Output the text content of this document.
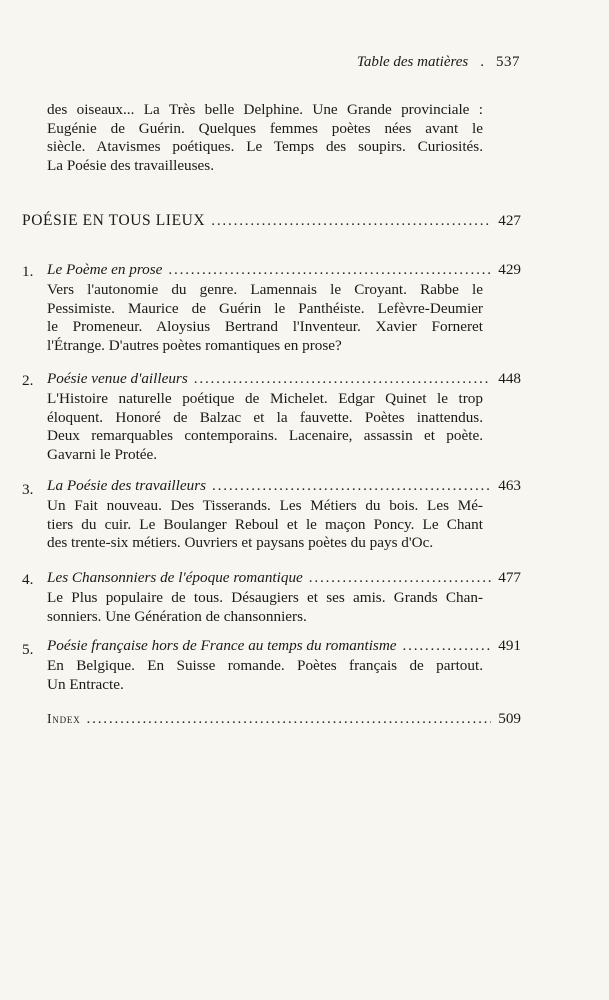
Table des matières . 537
des oiseaux... La Très belle Delphine. Une Grande provinciale :
Eugénie de Guérin. Quelques femmes poètes nées avant le
siècle. Atavismes poétiques. Le Temps des soupirs. Curiosités.
La Poésie des travailleuses.
POÉSIE EN TOUS LIEUX . . .	427
1. Le Poème en prose . . .	429
Vers l'autonomie du genre. Lamennais le Croyant. Rabbe le
Pessimiste. Maurice de Guérin le Panthéiste. Lefèvre-Deumier
le Promeneur. Aloysius Bertrand l'Inventeur. Xavier Forneret
l'Étrange. D'autres poètes romantiques en prose?
2. Poésie venue d'ailleurs . . .	448
L'Histoire naturelle poétique de Michelet. Edgar Quinet le trop
éloquent. Honoré de Balzac et la fauvette. Poètes inattendus.
Deux remarquables contemporains. Lacenaire, assassin et poète.
Gavarni le Protée.
3. La Poésie des travailleurs . . .	463
Un Fait nouveau. Des Tisserands. Les Métiers du bois. Les Mé-
tiers du cuir. Le Boulanger Reboul et le maçon Poncy. Le Chant
des trente-six métiers. Ouvriers et paysans poètes du pays d'Oc.
4. Les Chansonniers de l'époque romantique . . .	477
Le Plus populaire de tous. Désaugiers et ses amis. Grands Chan-
sonniers. Une Génération de chansonniers.
5. Poésie française hors de France au temps du romantisme . . .	491
En Belgique. En Suisse romande. Poètes français de partout.
Un Entracte.
Index . . .	509
